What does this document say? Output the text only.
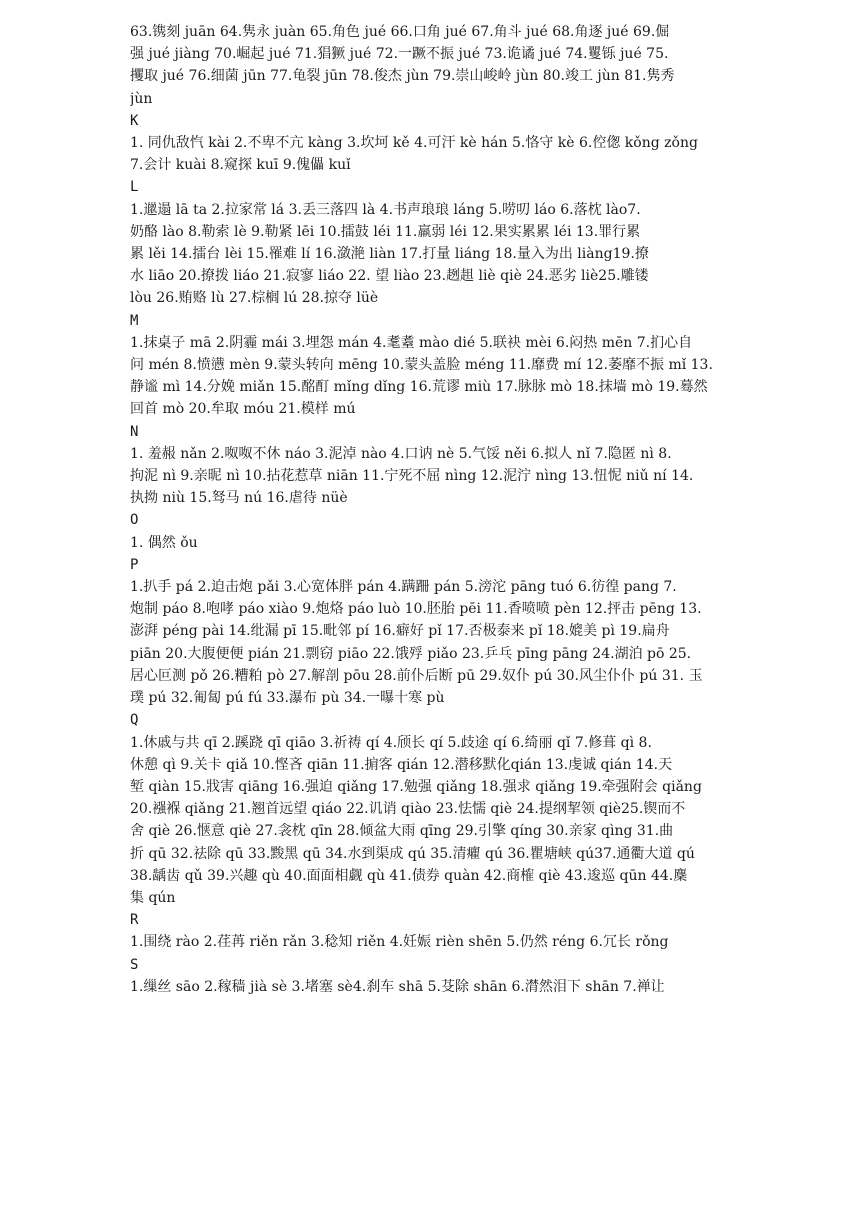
63.镌刻 juān 64.隽永 juàn 65.角色 jué 66.口角 jué 67.角斗 jué 68.角逐 jué 69.倔
强 jué jiàng 70.崛起 jué 71.猖獗 jué 72.一蹶不振 jué 73.诡谲 jué 74.矍铄 jué 75.
攫取 jué 76.细菌 jūn 77.龟裂 jūn 78.俊杰 jùn 79.崇山峻岭 jùn 80.竣工 jùn 81.隽秀
jùn
K
1. 同仇敌忾 kài 2.不卑不亢 kàng 3.坎坷 kě 4.可汗 kè hán 5.恪守 kè 6.倥偬 kǒng zǒng
7.会计 kuài 8.窥探 kuī 9.傀儡 kuǐ
L
1.邋遢 lā ta 2.拉家常 lá 3.丢三落四 là 4.书声琅琅 láng 5.唠叨 láo 6.落枕 lào7.
奶酪 lào 8.勒索 lè 9.勒紧 lēi 10.擂鼓 léi 11.羸弱 léi 12.果实累累 léi 13.罪行累
累 lěi 14.擂台 lèi 15.罹难 lí 16.潋滟 liàn 17.打量 liáng 18.量入为出 liàng19.撩
水 liāo 20.撩拨 liáo 21.寂寥 liáo 22. 望 liào 23.趔趄 liè qiè 24.恶劣 liè25.雕镂
lòu 26.贿赂 lù 27.棕榈 lú 28.掠夺 lüè
M
1.抹桌子 mā 2.阴霾 mái 3.埋怨 mán 4.耄耋 mào dié 5.联袂 mèi 6.闷热 mēn 7.扪心自
问 mén 8.愤懑 mèn 9.蒙头转向 mēng 10.蒙头盖脸 méng 11.靡费 mí 12.萎靡不振 mǐ 13.
静谧 mì 14.分娩 miǎn 15.酩酊 mǐng dǐng 16.荒谬 miù 17.脉脉 mò 18.抹墙 mò 19.蓦然
回首 mò 20.牟取 móu 21.模样 mú
N
1. 羞赧 nǎn 2.呶呶不休 náo 3.泥淖 nào 4.口讷 nè 5.气馁 něi 6.拟人 nǐ 7.隐匿 nì 8.
拘泥 nì 9.亲昵 nì 10.拈花惹草 niān 11.宁死不屈 nìng 12.泥泞 nìng 13.忸怩 niǔ ní 14.
执拗 niù 15.驽马 nú 16.虐待 nüè
O
1. 偶然 ǒu
P
1.扒手 pá 2.迫击炮 pǎi 3.心宽体胖 pán 4.蹒跚 pán 5.滂沱 pāng tuó 6.彷徨 pang 7.
炮制 páo 8.咆哮 páo xiào 9.炮烙 páo luò 10.胚胎 pēi 11.香喷喷 pèn 12.抨击 pēng 13.
澎湃 péng pài 14.纰漏 pī 15.毗邻 pí 16.癖好 pǐ 17.否极泰来 pǐ 18.媲美 pì 19.扁舟
piān 20.大腹便便 pián 21.剽窃 piāo 22.饿殍 piǎo 23.乒乓 pīng pāng 24.湖泊 pō 25.
居心叵测 pǒ 26.糟粕 pò 27.解剖 pōu 28.前仆后断 pū 29.奴仆 pú 30.风尘仆仆 pú 31. 玉
璞 pú 32.匍匐 pú fú 33.瀑布 pù 34.一曝十寒 pù
Q
1.休戚与共 qī 2.蹊跷 qī qiāo 3.祈祷 qí 4.颀长 qí 5.歧途 qí 6.绮丽 qǐ 7.修葺 qì 8.
休憩 qì 9.关卡 qiǎ 10.悭吝 qiān 11.掮客 qián 12.潜移默化qián 13.虔诚 qián 14.天
堑 qiàn 15.戕害 qiāng 16.强迫 qiǎng 17.勉强 qiǎng 18.强求 qiǎng 19.牵强附会 qiǎng
20.襁褓 qiǎng 21.翘首远望 qiáo 22.讥诮 qiào 23.怯懦 qiè 24.提纲挈领 qiè25.锲而不
舍 qiè 26.惬意 qiè 27.衾枕 qīn 28.倾盆大雨 qīng 29.引擎 qíng 30.亲家 qìng 31.曲
折 qū 32.祛除 qū 33.黢黑 qū 34.水到渠成 qú 35.清癯 qú 36.瞿塘峡 qú37.通衢大道 qú
38.龋齿 qǔ 39.兴趣 qù 40.面面相觑 qù 41.债券 quàn 42.商榷 qiè 43.逡巡 qūn 44.麇
集 qún
R
1.围绕 rào 2.荏苒 riěn rǎn 3.稔知 riěn 4.妊娠 rièn shēn 5.仍然 réng 6.冗长 rǒng
S
1.缫丝 sāo 2.稼穑 jià sè 3.堵塞 sè4.刹车 shā 5.芟除 shān 6.潸然泪下 shān 7.禅让
